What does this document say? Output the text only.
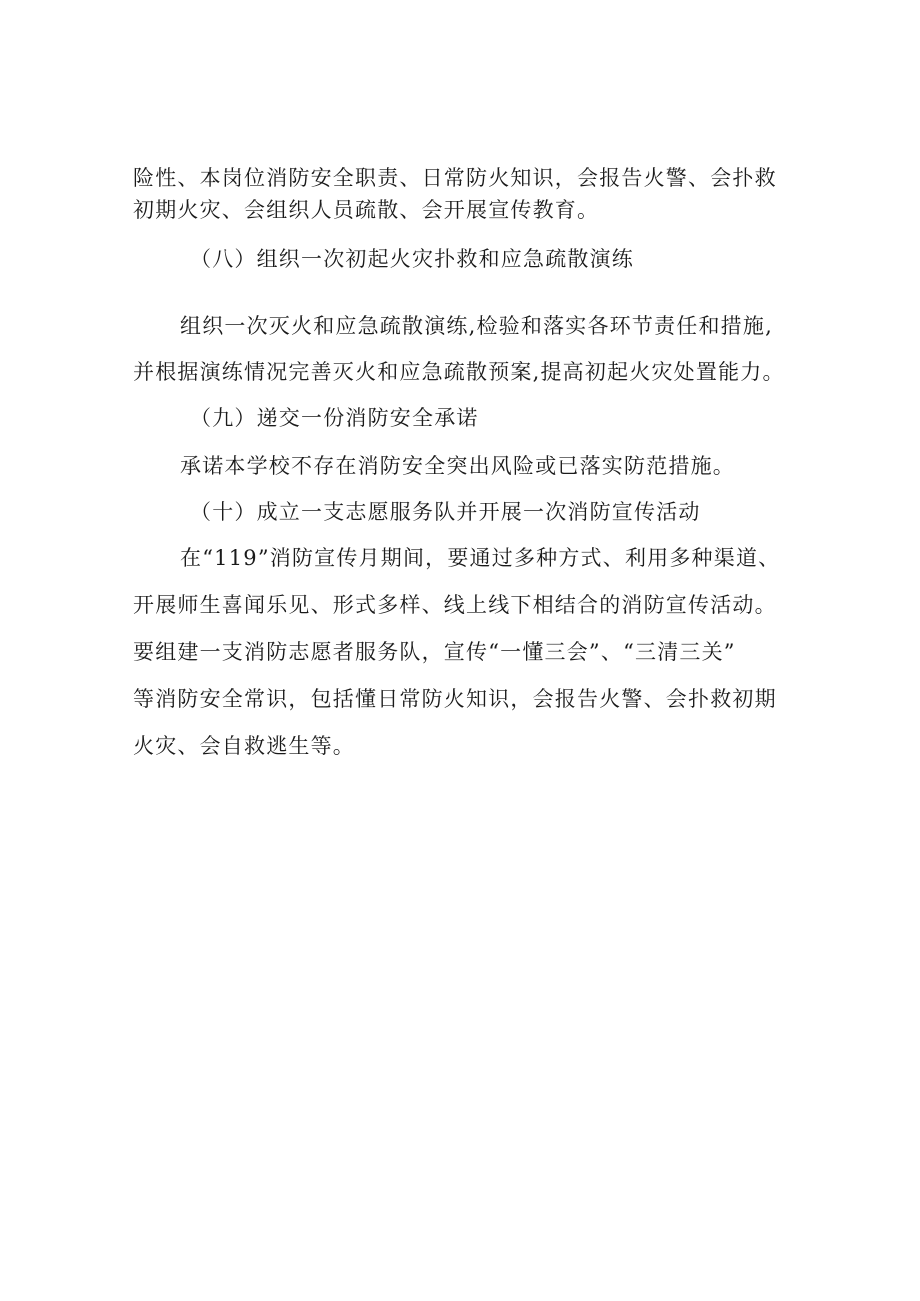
险性、本岗位消防安全职责、日常防火知识，会报告火警、会扑救
初期火灾、会组织人员疏散、会开展宣传教育。
（八）组织一次初起火灾扑救和应急疏散演练
组织一次灭火和应急疏散演练,检验和落实各环节责任和措施,
并根据演练情况完善灭火和应急疏散预案,提高初起火灾处置能力。
（九）递交一份消防安全承诺
承诺本学校不存在消防安全突出风险或已落实防范措施。
（十）成立一支志愿服务队并开展一次消防宣传活动
在“119”消防宣传月期间，要通过多种方式、利用多种渠道、
开展师生喜闻乐见、形式多样、线上线下相结合的消防宣传活动。
要组建一支消防志愿者服务队，宣传“一懂三会”、“三清三关”
等消防安全常识，包括懂日常防火知识，会报告火警、会扑救初期
火灾、会自救逃生等。
